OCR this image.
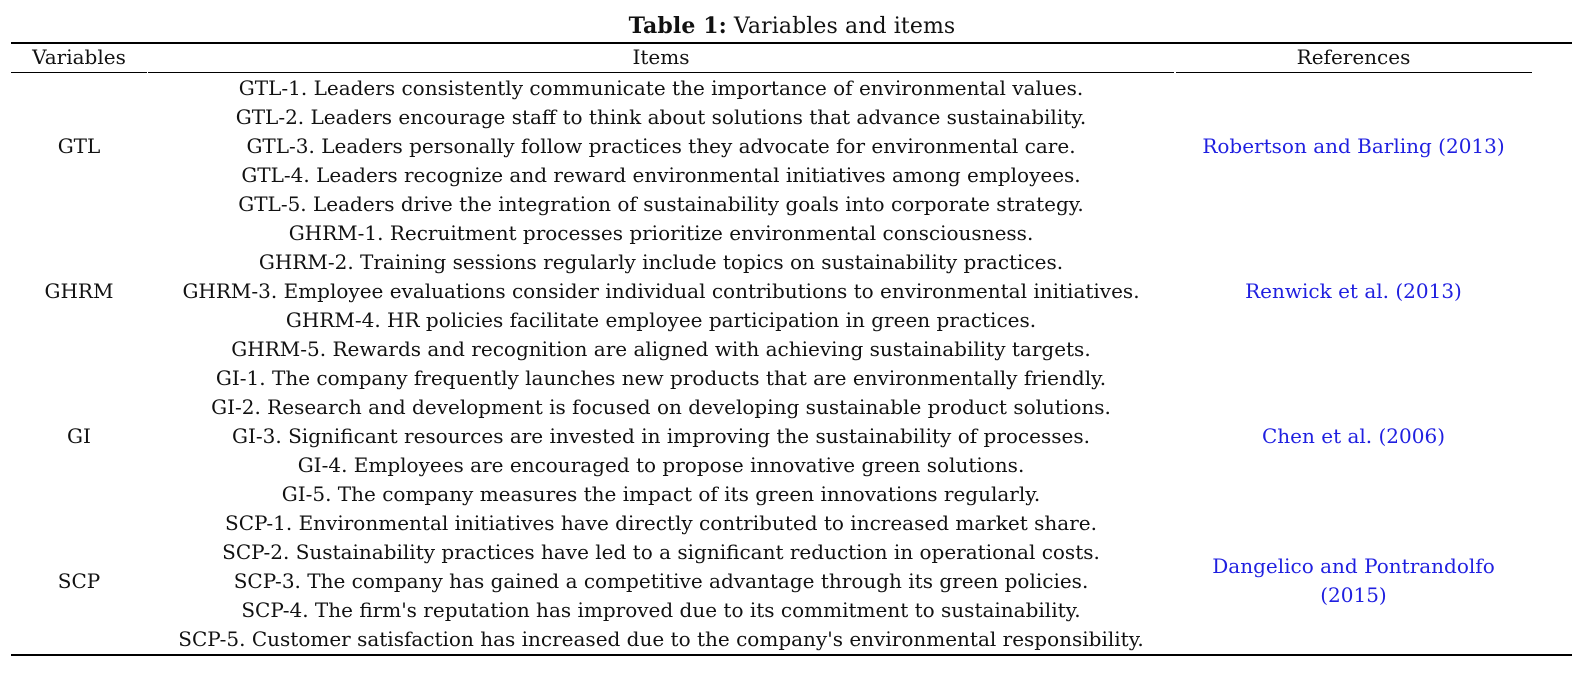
Table 1: Variables and items
Variables	Items	References
GTL
GTL-1. Leaders consistently communicate the importance of environmental values.
GTL-2. Leaders encourage staff to think about solutions that advance sustainability.
GTL-3. Leaders personally follow practices they advocate for environmental care.
GTL-4. Leaders recognize and reward environmental initiatives among employees.
GTL-5. Leaders drive the integration of sustainability goals into corporate strategy.
Robertson and Barling (2013)
GHRM
GHRM-1. Recruitment processes prioritize environmental consciousness.
GHRM-2. Training sessions regularly include topics on sustainability practices.
GHRM-3. Employee evaluations consider individual contributions to environmental initiatives.
GHRM-4. HR policies facilitate employee participation in green practices.
GHRM-5. Rewards and recognition are aligned with achieving sustainability targets.
Renwick et al. (2013)
GI
GI-1. The company frequently launches new products that are environmentally friendly.
GI-2. Research and development is focused on developing sustainable product solutions.
GI-3. Significant resources are invested in improving the sustainability of processes.
GI-4. Employees are encouraged to propose innovative green solutions.
GI-5. The company measures the impact of its green innovations regularly.
Chen et al. (2006)
SCP
SCP-1. Environmental initiatives have directly contributed to increased market share.
SCP-2. Sustainability practices have led to a significant reduction in operational costs.
SCP-3. The company has gained a competitive advantage through its green policies.
SCP-4. The firm's reputation has improved due to its commitment to sustainability.
SCP-5. Customer satisfaction has increased due to the company's environmental responsibility.
Dangelico and Pontrandolfo
(2015)
